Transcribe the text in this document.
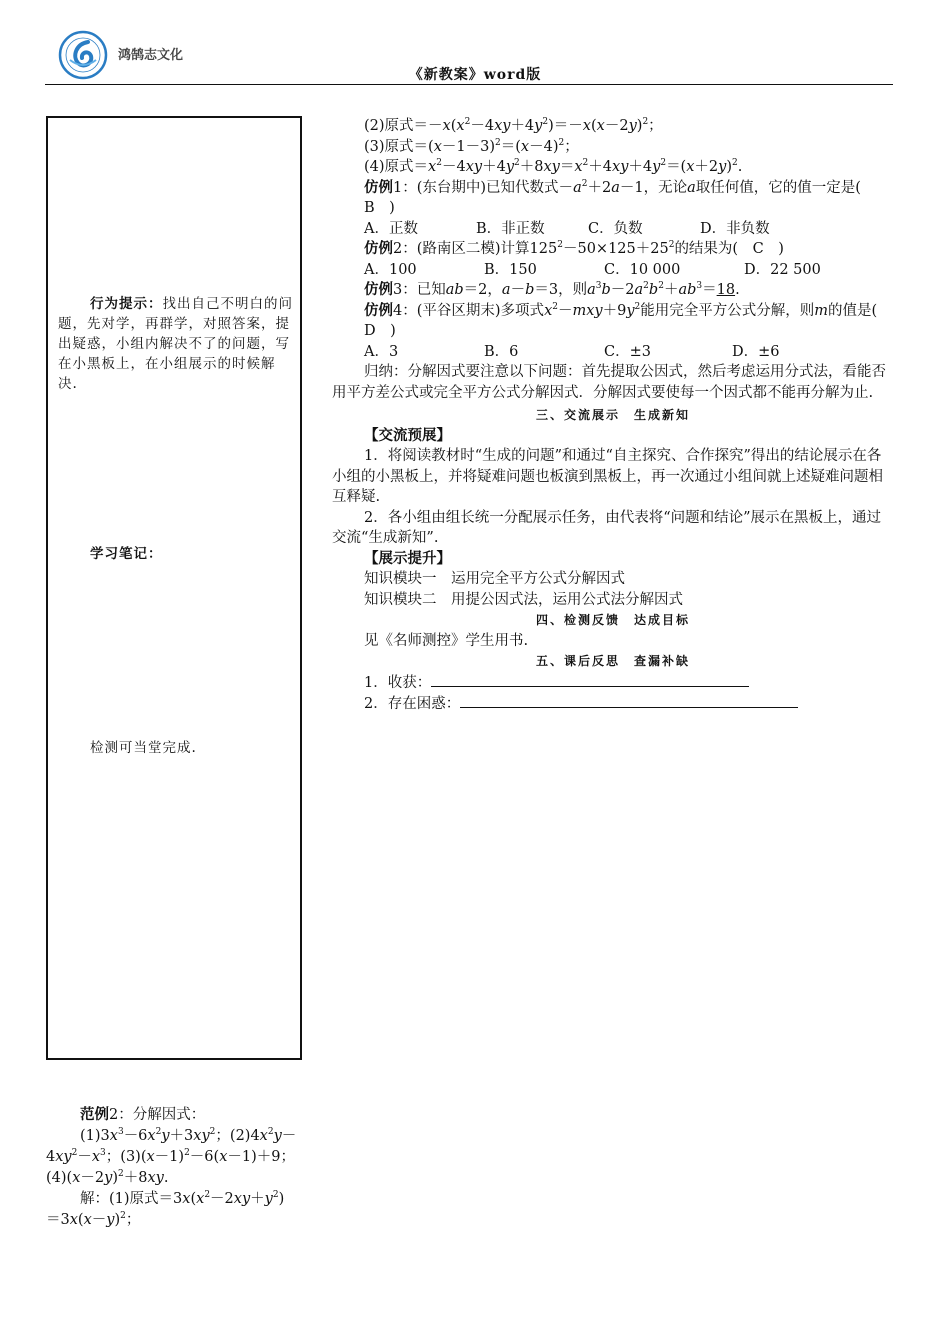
鸿鹄志文化
《新教案》word版
行为提示：找出自己不明白的问题，先对学，再群学，对照答案，提出疑惑，小组内解决不了的问题，写在小黑板上，在小组展示的时候解决.
学习笔记：
检测可当堂完成.

(2)原式$=-x(x^2-4xy+4y^2)=-x(x-2y)^2$；

(3)原式$=(x-1-3)^2=(x-4)^2$；

(4)原式$=x^2-4xy+4y^2+8xy=x^2+4xy+4y^2=(x+2y)^2$.

仿例1：(东台期中)已知代数式$-a^2+2a-1$，无论a取任何值，它的值一定是(　B　)

A．正数	B．非正数	C．负数	D．非负数

仿例2：(路南区二模)计算$125^2-50\times 125+25^2$的结果为(　C　)

A．100	B．150	C．10 000	D．22 500

仿例3：已知ab＝2，a－b＝3，则$a^3b-2a^2b^2+ab^3=18$.

仿例4：(平谷区期末)多项式$x^2-mxy+9y^2$能用完全平方公式分解，则m的值是(　D　)

A．3	B．6	C．±3	D．±6

归纳：分解因式要注意以下问题：首先提取公因式，然后考虑运用分式法，看能否用平方差公式或完全平方公式分解因式．分解因式要使每一个因式都不能再分解为止.

三、交流展示　生成新知

【交流预展】

1．将阅读教材时“生成的问题”和通过“自主探究、合作探究”得出的结论展示在各小组的小黑板上，并将疑难问题也板演到黑板上，再一次通过小组间就上述疑难问题相互释疑.

2．各小组由组长统一分配展示任务，由代表将“问题和结论”展示在黑板上，通过交流“生成新知”.

【展示提升】

知识模块一　运用完全平方公式分解因式

知识模块二　用提公因式法，运用公式法分解因式

四、检测反馈　达成目标

见《名师测控》学生用书.

五、课后反思　查漏补缺

1．收获：

2．存在困惑：

范例2：分解因式：

$(1)3x^3-6x^2y+3xy^2$；$(2)4x^2y-$

$4xy^2-x^3$；$(3)(x-1)^2-6(x-1)+9$；

$(4)(x-2y)^2+8xy$.

解：(1)原式$=3x(x^2-2xy+y^2)$

$=3x(x-y)^2$；
